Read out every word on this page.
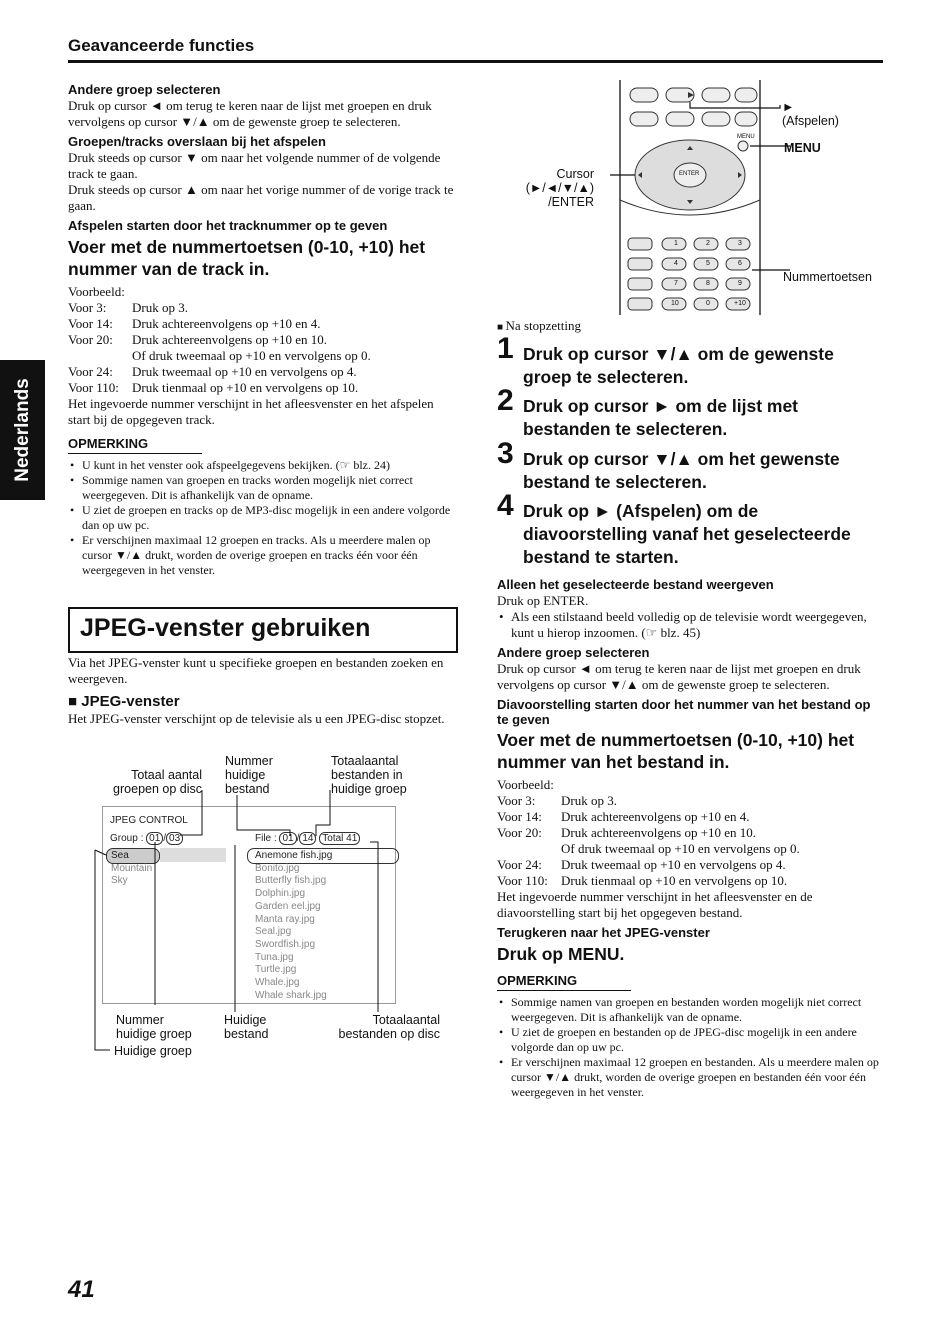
Geavanceerde functies
Nederlands
41

Andere groep selecteren

Druk op cursor ◄ om terug te keren naar de lijst met groepen en druk vervolgens op cursor ▼/▲ om de gewenste groep te selecteren.

Groepen/tracks overslaan bij het afspelen

Druk steeds op cursor ▼ om naar het volgende nummer of de volgende track te gaan.

Druk steeds op cursor ▲ om naar het vorige nummer of de vorige track te gaan.

Afspelen starten door het tracknummer op te geven

Voer met de nummertoetsen (0-10, +10) het nummer van de track in.

Voorbeeld:

Voor 3:	Druk op 3.
Voor 14:	Druk achtereenvolgens op +10 en 4.
Voor 20:	Druk achtereenvolgens op +10 en 10.
Of druk tweemaal op +10 en vervolgens op 0.
Voor 24:	Druk tweemaal op +10 en vervolgens op 4.
Voor 110:	Druk tienmaal op +10 en vervolgens op 10.

Het ingevoerde nummer verschijnt in het afleesvenster en het afspelen start bij de opgegeven track.

OPMERKING

• U kunt in het venster ook afspeelgegevens bekijken. (☞ blz. 24)
• Sommige namen van groepen en tracks worden mogelijk niet correct weergegeven. Dit is afhankelijk van de opname.
• U ziet de groepen en tracks op de MP3-disc mogelijk in een andere volgorde dan op uw pc.
• Er verschijnen maximaal 12 groepen en tracks. Als u meerdere malen op cursor ▼/▲ drukt, worden de overige groepen en tracks één voor één weergegeven in het venster.
JPEG-venster gebruiken

Via het JPEG-venster kunt u specifieke groepen en bestanden zoeken en weergeven.

■ JPEG-venster

Het JPEG-venster verschijnt op de televisie als u een JPEG-disc stopzet.

Totaal aantal
groepen op disc
Nummer
huidige
bestand
Totaalaantal
bestanden in
huidige groep
JPEG CONTROL
Group : 01 / 03	File : 01 / 14 Total 41
Sea
Mountain
Sky
Anemone fish.jpg
Bonito.jpg
Butterfly fish.jpg
Dolphin.jpg
Garden eel.jpg
Manta ray.jpg
Seal.jpg
Swordfish.jpg
Tuna.jpg
Turtle.jpg
Whale.jpg
Whale shark.jpg
Nummer
huidige groep
Huidige
bestand
Totaalaantal
bestanden op disc
Huidige groep
MENU
ENTER
1	2	3
4	5	6
7	8	9
10	0	+10
►
(Afspelen)
MENU
Cursor
(►/◄/▼/▲)
/ENTER
Nummertoetsen
■ Na stopzetting
1 Druk op cursor ▼/▲ om de gewenste groep te selecteren.
2 Druk op cursor ► om de lijst met bestanden te selecteren.
3 Druk op cursor ▼/▲ om het gewenste bestand te selecteren.
4 Druk op ► (Afspelen) om de diavoorstelling vanaf het geselecteerde bestand te starten.

Alleen het geselecteerde bestand weergeven

Druk op ENTER.

• Als een stilstaand beeld volledig op de televisie wordt weergegeven, kunt u hierop inzoomen. (☞ blz. 45)

Andere groep selecteren

Druk op cursor ◄ om terug te keren naar de lijst met groepen en druk vervolgens op cursor ▼/▲ om de gewenste groep te selecteren.

Diavoorstelling starten door het nummer van het bestand op te geven

Voer met de nummertoetsen (0-10, +10) het nummer van het bestand in.

Voorbeeld:

Voor 3:	Druk op 3.
Voor 14:	Druk achtereenvolgens op +10 en 4.
Voor 20:	Druk achtereenvolgens op +10 en 10.
Of druk tweemaal op +10 en vervolgens op 0.
Voor 24:	Druk tweemaal op +10 en vervolgens op 4.
Voor 110:	Druk tienmaal op +10 en vervolgens op 10.

Het ingevoerde nummer verschijnt in het afleesvenster en de diavoorstelling start bij het opgegeven bestand.

Terugkeren naar het JPEG-venster

Druk op MENU.

OPMERKING

• Sommige namen van groepen en bestanden worden mogelijk niet correct weergegeven. Dit is afhankelijk van de opname.
• U ziet de groepen en bestanden op de JPEG-disc mogelijk in een andere volgorde dan op uw pc.
• Er verschijnen maximaal 12 groepen en bestanden. Als u meerdere malen op cursor ▼/▲ drukt, worden de overige groepen en bestanden één voor één weergegeven in het venster.
